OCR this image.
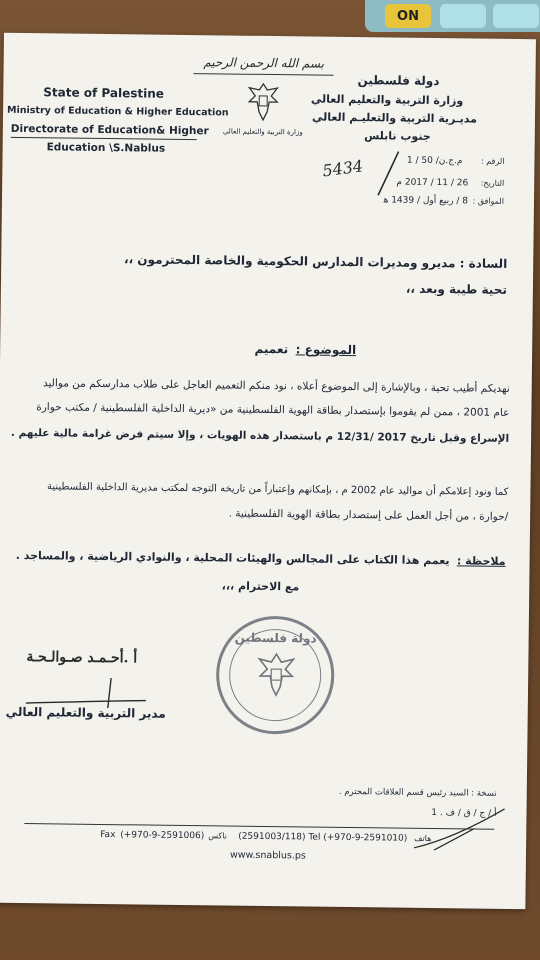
ON
بسم الله الرحمن الرحيم
State of Palestine
Ministry of Education & Higher Education
Directorate of Education& Higher
Education \S.Nablus
وزارة التربية والتعليم العالي
دولة فلسطين
وزارة التربية والتعليم العالي
مديـرية التربية والتعليـم العالي
جنوب نابلس
الرقم :
م.ج.ن/ 50 / 1
5434
التاريخ:
26 / 11 / 2017 م
الموافق :
8 / ربيع أول / 1439 ﻫ
السادة : مديرو ومديرات المدارس الحكومية والخاصة المحترمون ،،
تحية طيبة وبعد ،،
الموضوع :
تعميم
نهديكم أطيب تحية ، وبالإشارة إلى الموضوع أعلاه ، نود منكم التعميم العاجل على طلاب مدارسكم من مواليد
عام 2001 ، ممن لم يقوموا بإستصدار بطاقة الهوية الفلسطينية من «ديرية الداخلية الفلسطينية / مكتب حوارة
الإسراع وقبل تاريخ 2017 /12/31 م باستصدار هذه الهويات ، وإلا سيتم فرض غرامة مالية عليهم .
كما ونود إعلامكم أن مواليد عام 2002 م ، بإمكانهم وإعتباراً من تاريخه التوجه لمكتب مديرية الداخلية الفلسطينية
/حوارة ، من أجل العمل على إستصدار بطاقة الهوية الفلسطينية .
ملاحظة :
يعمم هذا الكتاب على المجالس والهيئات المحلية ، والنوادي الرياضية ، والمساجد .
مع الاحترام ،،،
دولة فلسطين
أ .أحـمـد صـوالـحـة
مدير التربية والتعليم العالي
نسخة : السيد رئيس قسم العلاقات المحترم .
أ / ج / ق / ف . 1
Fax (+970-9-2591006) ناكس (2591003/118) Tel (+970-9-2591010) هاتف
www.snablus.ps
